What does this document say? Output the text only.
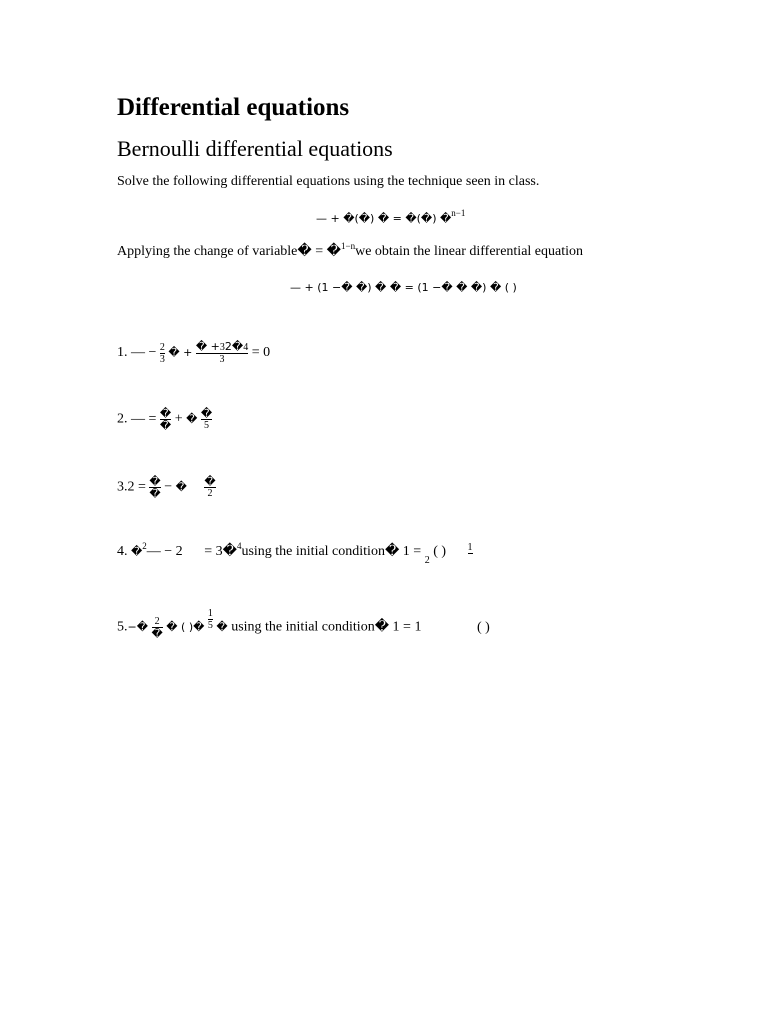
Differential equations
Bernoulli differential equations
Solve the following differential equations using the technique seen in class.
— + �(�) � = �(�) �$^{n-1}$
Applying the change of variable� = �$^{1-n}$we obtain the linear differential equation
— + (1 −� �) � � = (1 −� � �) � ( )
1. — − $\frac{2}{3}$ � + $\frac{� +32�4}{3} = 0$
2. — = $\frac{�}{�}$ + � $\frac{�}{5}$
$3.2 = \frac{�}{�}$ − � $\frac{�}{2}$
4. �$^2$— − 2 = 3�$^4$using the initial condition� 1 = $_2$ ( ) 1
5.−� $\frac{2}{�}$ � ( )� $\frac{1}{5}$ � using the initial condition� 1 = 1	( )
